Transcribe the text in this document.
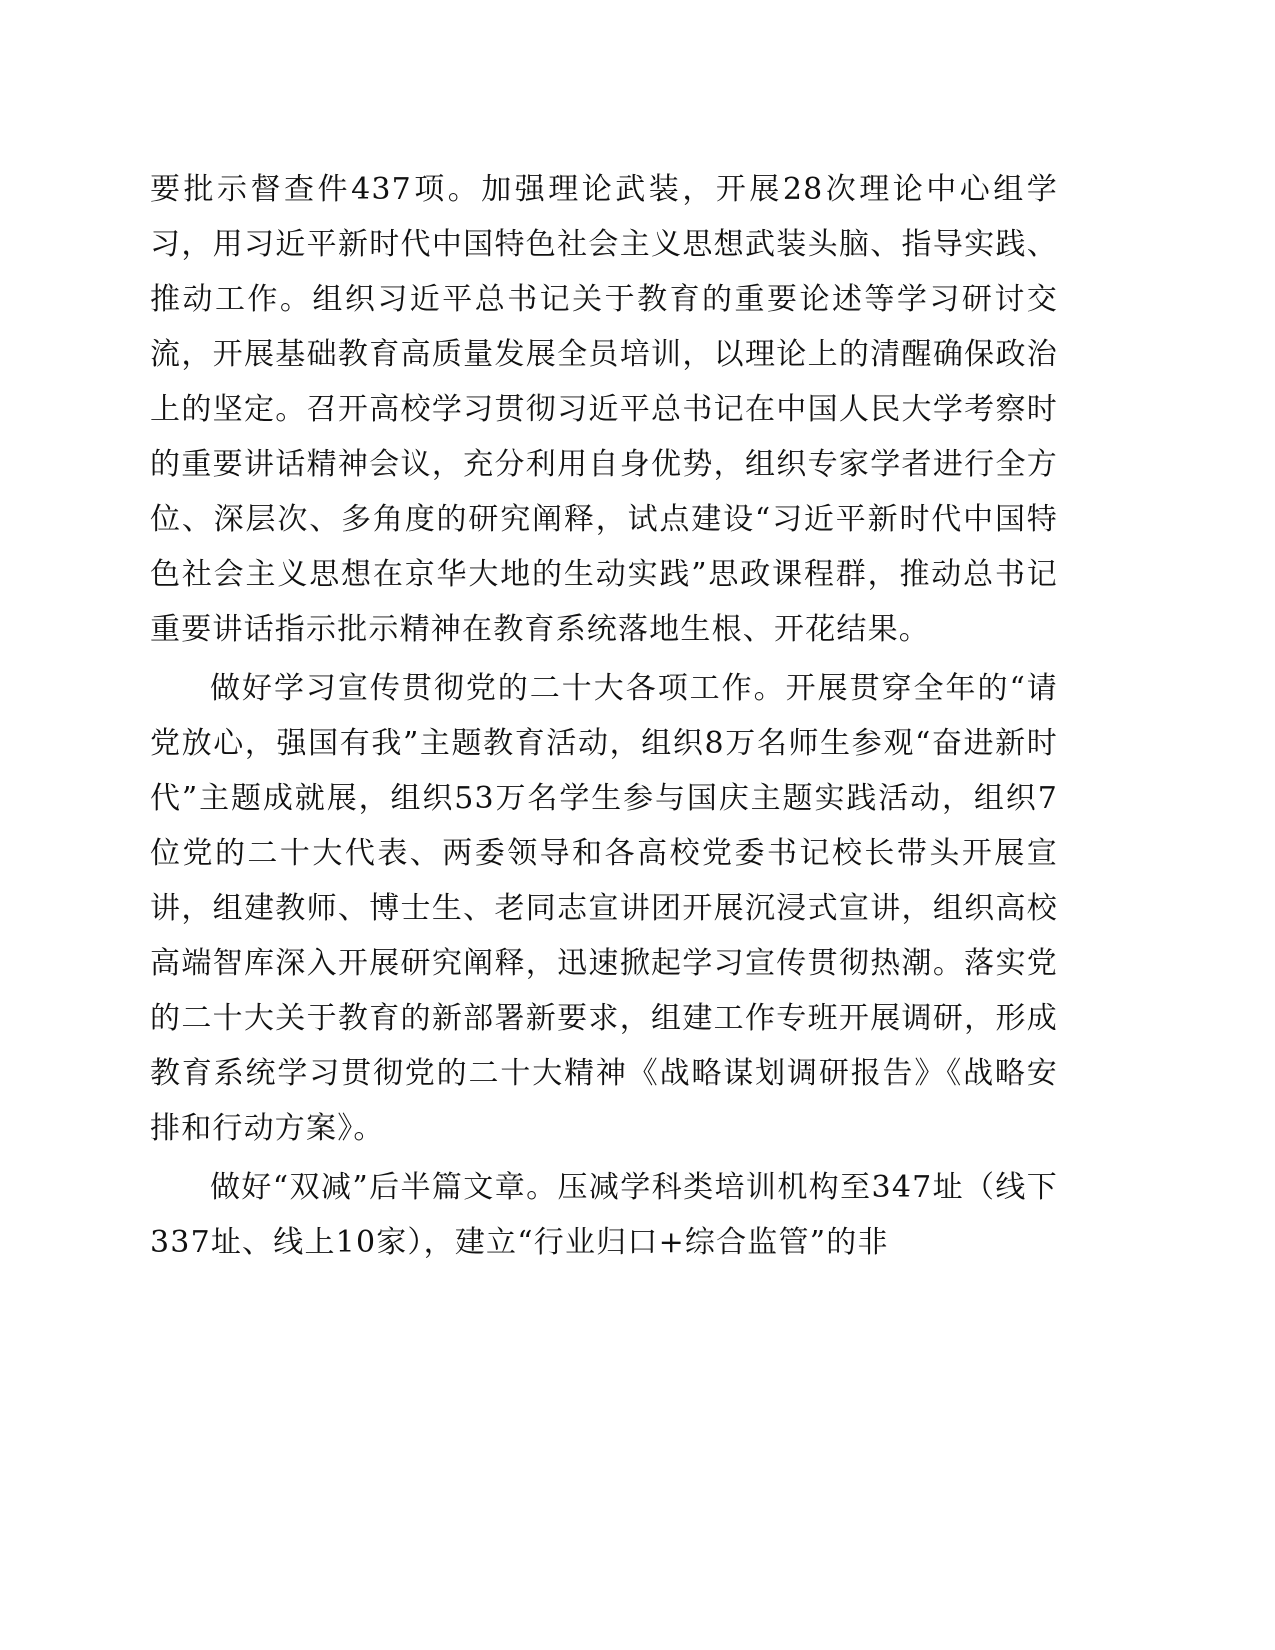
要批示督查件437项。加强理论武装，开展28次理论中心组学习，用习近平新时代中国特色社会主义思想武装头脑、指导实践、推动工作。组织习近平总书记关于教育的重要论述等学习研讨交流，开展基础教育高质量发展全员培训，以理论上的清醒确保政治上的坚定。召开高校学习贯彻习近平总书记在中国人民大学考察时的重要讲话精神会议，充分利用自身优势，组织专家学者进行全方位、深层次、多角度的研究阐释，试点建设“习近平新时代中国特色社会主义思想在京华大地的生动实践”思政课程群，推动总书记重要讲话指示批示精神在教育系统落地生根、开花结果。

做好学习宣传贯彻党的二十大各项工作。开展贯穿全年的“请党放心，强国有我”主题教育活动，组织8万名师生参观“奋进新时代”主题成就展，组织53万名学生参与国庆主题实践活动，组织7位党的二十大代表、两委领导和各高校党委书记校长带头开展宣讲，组建教师、博士生、老同志宣讲团开展沉浸式宣讲，组织高校高端智库深入开展研究阐释，迅速掀起学习宣传贯彻热潮。落实党的二十大关于教育的新部署新要求，组建工作专班开展调研，形成教育系统学习贯彻党的二十大精神《战略谋划调研报告》《战略安排和行动方案》。

做好“双减”后半篇文章。压减学科类培训机构至347址（线下337址、线上10家），建立“行业归口+综合监管”的非
